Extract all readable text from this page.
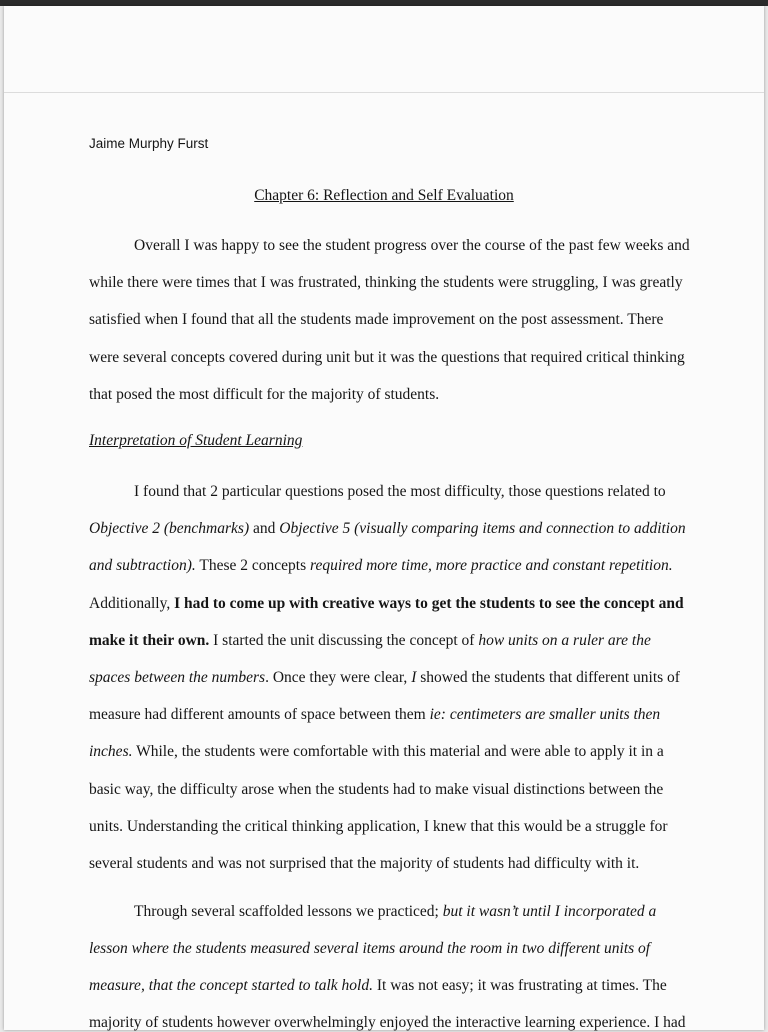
Jaime Murphy Furst
Chapter 6: Reflection and Self Evaluation
Overall I was happy to see the student progress over the course of the past few weeks and
while there were times that I was frustrated, thinking the students were struggling, I was greatly
satisfied when I found that all the students made improvement on the post assessment. There
were several concepts covered during unit but it was the questions that required critical thinking
that posed the most difficult for the majority of students.
Interpretation of Student Learning
I found that 2 particular questions posed the most difficulty, those questions related to
Objective 2 (benchmarks) and Objective 5 (visually comparing items and connection to addition
and subtraction). These 2 concepts required more time, more practice and constant repetition.
Additionally, I had to come up with creative ways to get the students to see the concept and
make it their own. I started the unit discussing the concept of how units on a ruler are the
spaces between the numbers. Once they were clear, I showed the students that different units of
measure had different amounts of space between them ie: centimeters are smaller units then
inches. While, the students were comfortable with this material and were able to apply it in a
basic way, the difficulty arose when the students had to make visual distinctions between the
units. Understanding the critical thinking application, I knew that this would be a struggle for
several students and was not surprised that the majority of students had difficulty with it.
Through several scaffolded lessons we practiced; but it wasn’t until I incorporated a
lesson where the students measured several items around the room in two different units of
measure, that the concept started to talk hold. It was not easy; it was frustrating at times. The
majority of students however overwhelmingly enjoyed the interactive learning experience. I had
